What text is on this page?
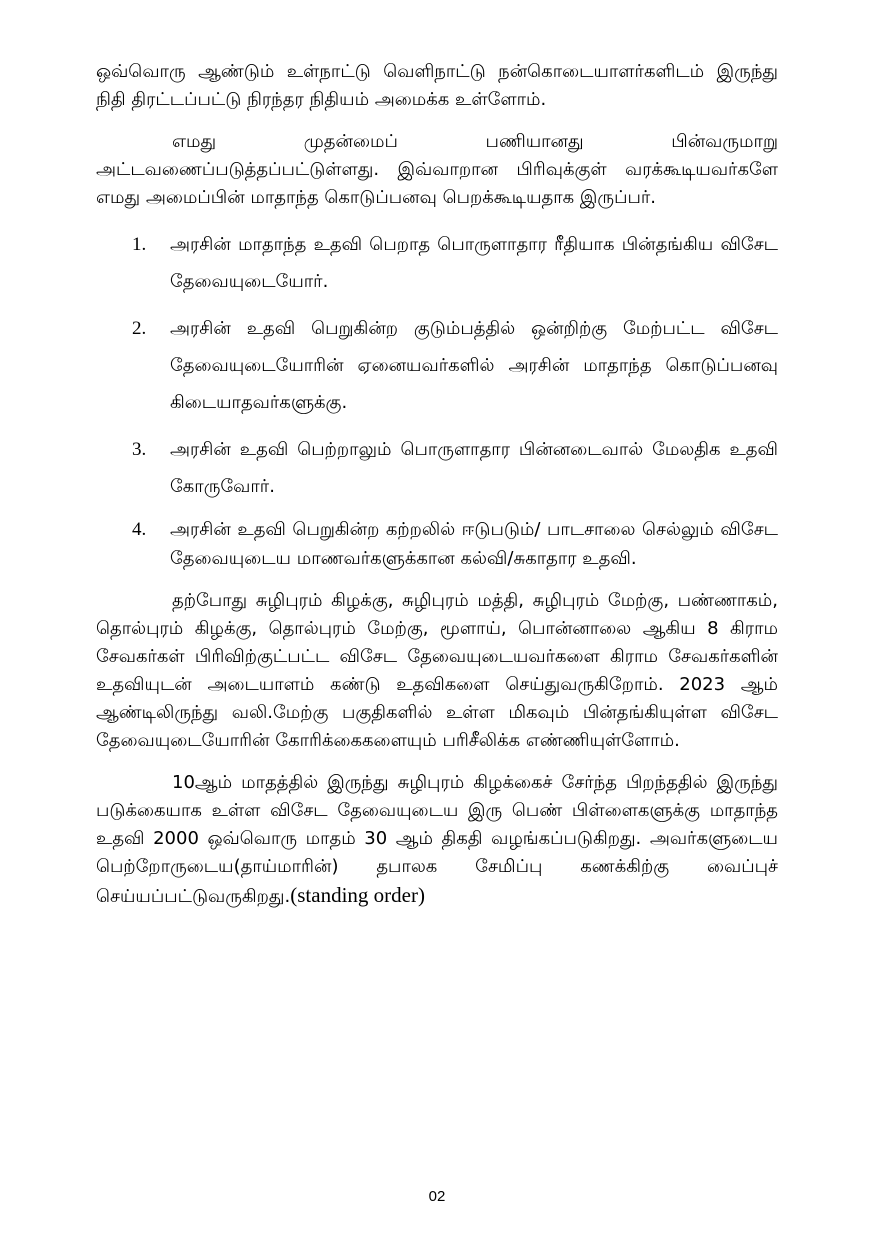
ஒவ்வொரு ஆண்டும் உள்நாட்டு வெளிநாட்டு நன்கொடையாளர்களிடம் இருந்து நிதி திரட்டப்பட்டு நிரந்தர நிதியம் அமைக்க உள்ளோம்.

எமது முதன்மைப் பணியானது பின்வருமாறு அட்டவணைப்படுத்தப்பட்டுள்ளது. இவ்வாறான பிரிவுக்குள் வரக்கூடியவர்களே எமது அமைப்பின் மாதாந்த கொடுப்பனவு பெறக்கூடியதாக இருப்பர்.

1.	அரசின் மாதாந்த உதவி பெறாத பொருளாதார ரீதியாக பின்தங்கிய விசேட தேவையுடையோர்.
2.	அரசின் உதவி பெறுகின்ற குடும்பத்தில் ஒன்றிற்கு மேற்பட்ட விசேட தேவையுடையோரின் ஏனையவர்களில் அரசின் மாதாந்த கொடுப்பனவு கிடையாதவர்களுக்கு.
3.	அரசின் உதவி பெற்றாலும் பொருளாதார பின்னடைவால் மேலதிக உதவி கோருவோர்.
4.	அரசின் உதவி பெறுகின்ற கற்றலில் ஈடுபடும்/ பாடசாலை செல்லும் விசேட தேவையுடைய மாணவர்களுக்கான கல்வி/சுகாதார உதவி.

தற்போது சுழிபுரம் கிழக்கு, சுழிபுரம் மத்தி, சுழிபுரம் மேற்கு, பண்ணாகம், தொல்புரம் கிழக்கு, தொல்புரம் மேற்கு, மூளாய், பொன்னாலை ஆகிய 8 கிராம சேவகர்கள் பிரிவிற்குட்பட்ட விசேட தேவையுடையவர்களை கிராம சேவகர்களின் உதவியுடன் அடையாளம் கண்டு உதவிகளை செய்துவருகிறோம். 2023 ஆம் ஆண்டிலிருந்து வலி.மேற்கு பகுதிகளில் உள்ள மிகவும் பின்தங்கியுள்ள விசேட தேவையுடையோரின் கோரிக்கைகளையும் பரிசீலிக்க எண்ணியுள்ளோம்.

10ஆம் மாதத்தில் இருந்து சுழிபுரம் கிழக்கைச் சேர்ந்த பிறந்ததில் இருந்து படுக்கையாக உள்ள விசேட தேவையுடைய இரு பெண் பிள்ளைகளுக்கு மாதாந்த உதவி 2000 ஒவ்வொரு மாதம் 30 ஆம் திகதி வழங்கப்படுகிறது. அவர்களுடைய பெற்றோருடைய(தாய்மாரின்) தபாலக சேமிப்பு கணக்கிற்கு வைப்புச் செய்யப்பட்டுவருகிறது.(standing order)

02
